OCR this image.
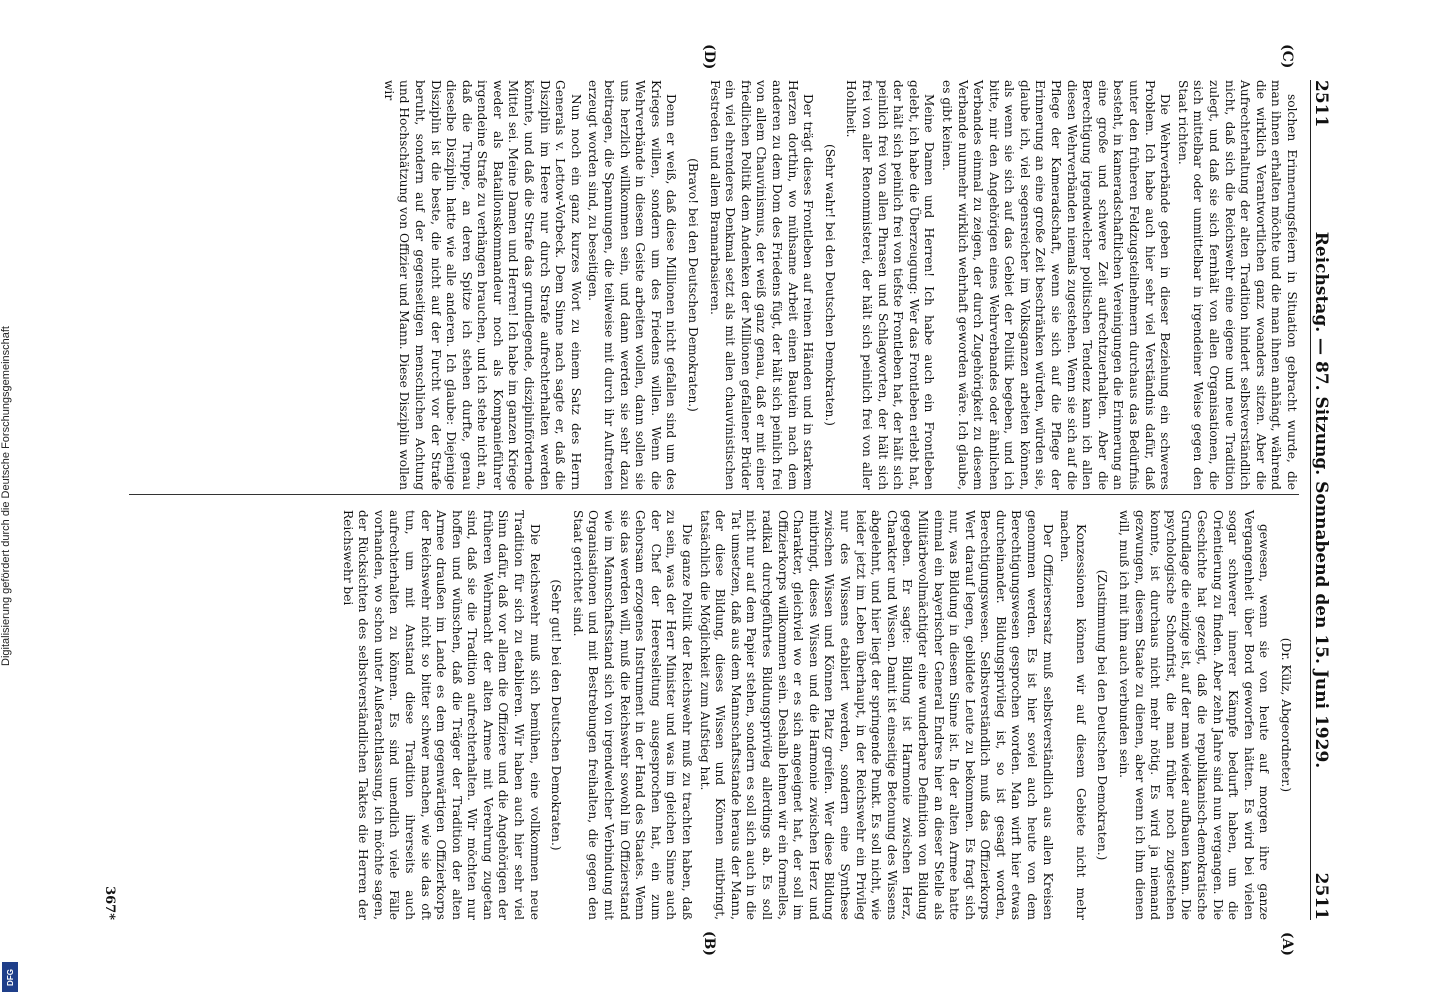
2511
Reichstag. — 87. Sitzung. Sonnabend den 15. Juni 1929.
2511

solchen Erinnerungsfeiern in Situation gebracht wurde, die man ihnen erhalten möchte und die man ihnen anhängt, während die wirklich Verantwortlichen ganz woanders sitzen. Aber die Aufrechterhaltung der alten Tradition hindert selbstverständlich nicht, daß sich die Reichswehr eine eigene und neue Tradition zulegt, und daß sie sich fernhält von allen Organisationen, die sich mittelbar oder unmittelbar in irgendeiner Weise gegen den Staat richten.

Die Wehrverbände geben in dieser Beziehung ein schweres Problem. Ich habe auch hier sehr viel Verständnis dafür, daß unter den früheren Feldzugsteilnehmern durchaus das Bedürfnis besteht, in kameradschaftlichen Vereinigungen die Erinnerung an eine große und schwere Zeit aufrechtzuerhalten. Aber die Berechtigung irgendwelcher politischen Tendenz kann ich allen diesen Wehrverbänden niemals zugestehen. Wenn sie sich auf die Pflege der Kameradschaft, wenn sie sich auf die Pflege der Erinnerung an eine große Zeit beschränken würden, würden sie, glaube ich, viel segensreicher im Volksganzen arbeiten können, als wenn sie sich auf das Gebiet der Politik begeben, und ich bitte, mir den Angehörigen eines Wehrverbandes oder ähnlichen Verbandes einmal zu zeigen, der durch Zugehörigkeit zu diesem Verbande nunmehr wirklich wehrhaft geworden wäre. Ich glaube, es gibt keinen.

Meine Damen und Herren! Ich habe auch ein Frontleben gelebt, ich habe die Überzeugung: Wer das Frontleben erlebt hat, der hält sich peinlich frei von tiefste Frontleben hat, der hält sich peinlich frei von allen Phrasen und Schlagworten, der hält sich frei von aller Renommisterei, der hält sich peinlich frei von aller Hohlheit.

(Sehr wahr! bei den Deutschen Demokraten.)

Der trägt dieses Frontleben auf reinen Händen und in starkem Herzen dorthin, wo mühsame Arbeit einen Bautein nach dem anderen zu dem Dom des Friedens fügt, der hält sich peinlich frei von allem Chauvinismus, der weiß ganz genau, daß er mit einer friedlichen Politik dem Andenken der Millionen gefallener Brüder ein viel ehrenderes Denkmal setzt als mit allen chauvinistischen Festreden und allem Bramarbasieren.

(Bravo! bei den Deutschen Demokraten.)

Denn er weiß, daß diese Millionen nicht gefallen sind um des Krieges willen, sondern um des Friedens willen. Wenn die Wehrverbände in diesem Geiste arbeiten wollen, dann sollen sie uns herzlich willkommen sein, und dann werden sie sehr dazu beitragen, die Spannungen, die teilweise mit durch ihr Auftreten erzeugt worden sind, zu beseitigen.

Nun noch ein ganz kurzes Wort zu einem Satz des Herrn Generals v. Lettow-Vorbeck. Dem Sinne nach sagte er, daß die Disziplin im Heere nur durch Strafe aufrechterhalten werden könnte, und daß die Strafe das grundlegende, disziplinfördernde Mittel sei. Meine Damen und Herren! Ich habe im ganzen Kriege weder als Bataillonskommandeur noch als Kompanieführer irgendeine Strafe zu verhängen brauchen, und ich stehe nicht an, daß die Truppe, an deren Spitze ich stehen durfte, genau dieselbe Disziplin hatte wie alle anderen. Ich glaube: Diejenige Disziplin ist die beste, die nicht auf der Furcht vor der Strafe beruht, sondern auf der gegenseitigen menschlichen Achtung und Hochschätzung von Offizier und Mann. Diese Disziplin wollen wir

(Dr. Külz, Abgeordneter.)

gewesen, wenn sie von heute auf morgen ihre ganze Vergangenheit über Bord geworfen hätten. Es wird bei vielen sogar schwerer innerer Kämpfe bedurft haben, um die Orientierung zu finden. Aber zehn Jahre sind nun vergangen. Die Geschichte hat gezeigt, daß die republikanisch-demokratische Grundlage die einzige ist, auf der man wieder aufbauen kann. Die psychologische Schonfrist, die man früher noch zugestehen konnte, ist durchaus nicht mehr nötig. Es wird ja niemand gezwungen, diesem Staate zu dienen, aber wenn ich ihm dienen will, muß ich mit ihm auch verbunden sein.

(Zustimmung bei den Deutschen Demokraten.)

Konzessionen können wir auf diesem Gebiete nicht mehr machen.

Der Offiziersersatz muß selbstverständlich aus allen Kreisen genommen werden. Es ist hier soviel auch heute von dem Berechtigungswesen gesprochen worden. Man wirft hier etwas durcheinander. Bildungsprivileg ist, so ist gesagt worden, Berechtigungswesen. Selbstverständlich muß das Offizierkorps Wert darauf legen, gebildete Leute zu bekommen. Es fragt sich nur, was Bildung in diesem Sinne ist. In der alten Armee hatte einmal ein bayerischer General Endres hier an dieser Stelle als Militärbevollmächtigter eine wunderbare Definition von Bildung gegeben. Er sagte: Bildung ist Harmonie zwischen Herz, Charakter und Wissen. Damit ist einseitige Betonung des Wissens abgelehnt, und hier liegt der springende Punkt. Es soll nicht, wie leider jetzt im Leben überhaupt, in der Reichswehr ein Privileg nur des Wissens etabliert werden, sondern eine Synthese zwischen Wissen und Können Platz greifen. Wer diese Bildung mitbringt, dieses Wissen und die Harmonie zwischen Herz und Charakter, gleichviel wo er es sich angeeignet hat, der soll im Offizierkorps willkommen sein. Deshalb lehnen wir ein formelles, radikal durchgeführtes Bildungsprivileg allerdings ab. Es soll nicht nur auf dem Papier stehen, sondern es soll sich auch in die Tat umsetzen, daß aus dem Mannschaftsstande heraus der Mann, der diese Bildung, dieses Wissen und Können mitbringt, tatsächlich die Möglichkeit zum Aufstieg hat.

Die ganze Politik der Reichswehr muß zu trachten haben, daß zu sein, was der Herr Minister und was im gleichen Sinne auch der Chef der Heeresleitung ausgesprochen hat, ein zum Gehorsam erzogenes Instrument in der Hand des Staates. Wenn sie das werden will, muß die Reichswehr sowohl im Offizierstand wie im Mannschaftsstand sich von irgendwelcher Verbindung mit Organisationen und mit Bestrebungen freihalten, die gegen den Staat gerichtet sind.

(Sehr gut! bei den Deutschen Demokraten.)

Die Reichswehr muß sich bemühen, eine vollkommen neue Tradition für sich zu etablieren. Wir haben auch hier sehr viel Sinn dafür, daß vor allem die Offiziere und die Angehörigen der früheren Wehrmacht der alten Armee mit Verehrung zugetan sind, daß sie die Tradition aufrechterhalten. Wir möchten nur hoffen und wünschen, daß die Träger der Tradition der alten Armee draußen im Lande es dem gegenwärtigen Offizierkorps der Reichswehr nicht so bitter schwer machen, wie sie das oft tun, um mit Anstand diese Tradition ihrerseits auch aufrechterhalten zu können. Es sind unendlich viele Fälle vorhanden, wo schon unter Außerachtlassung, ich möchte sagen, der Rücksichten des selbstverständlichen Taktes die Herren der Reichswehr bei

(C)
(D)
(A)
(B)
367*
Digitalisierung gefördert durch die Deutsche Forschungsgemeinschaft
DFG
